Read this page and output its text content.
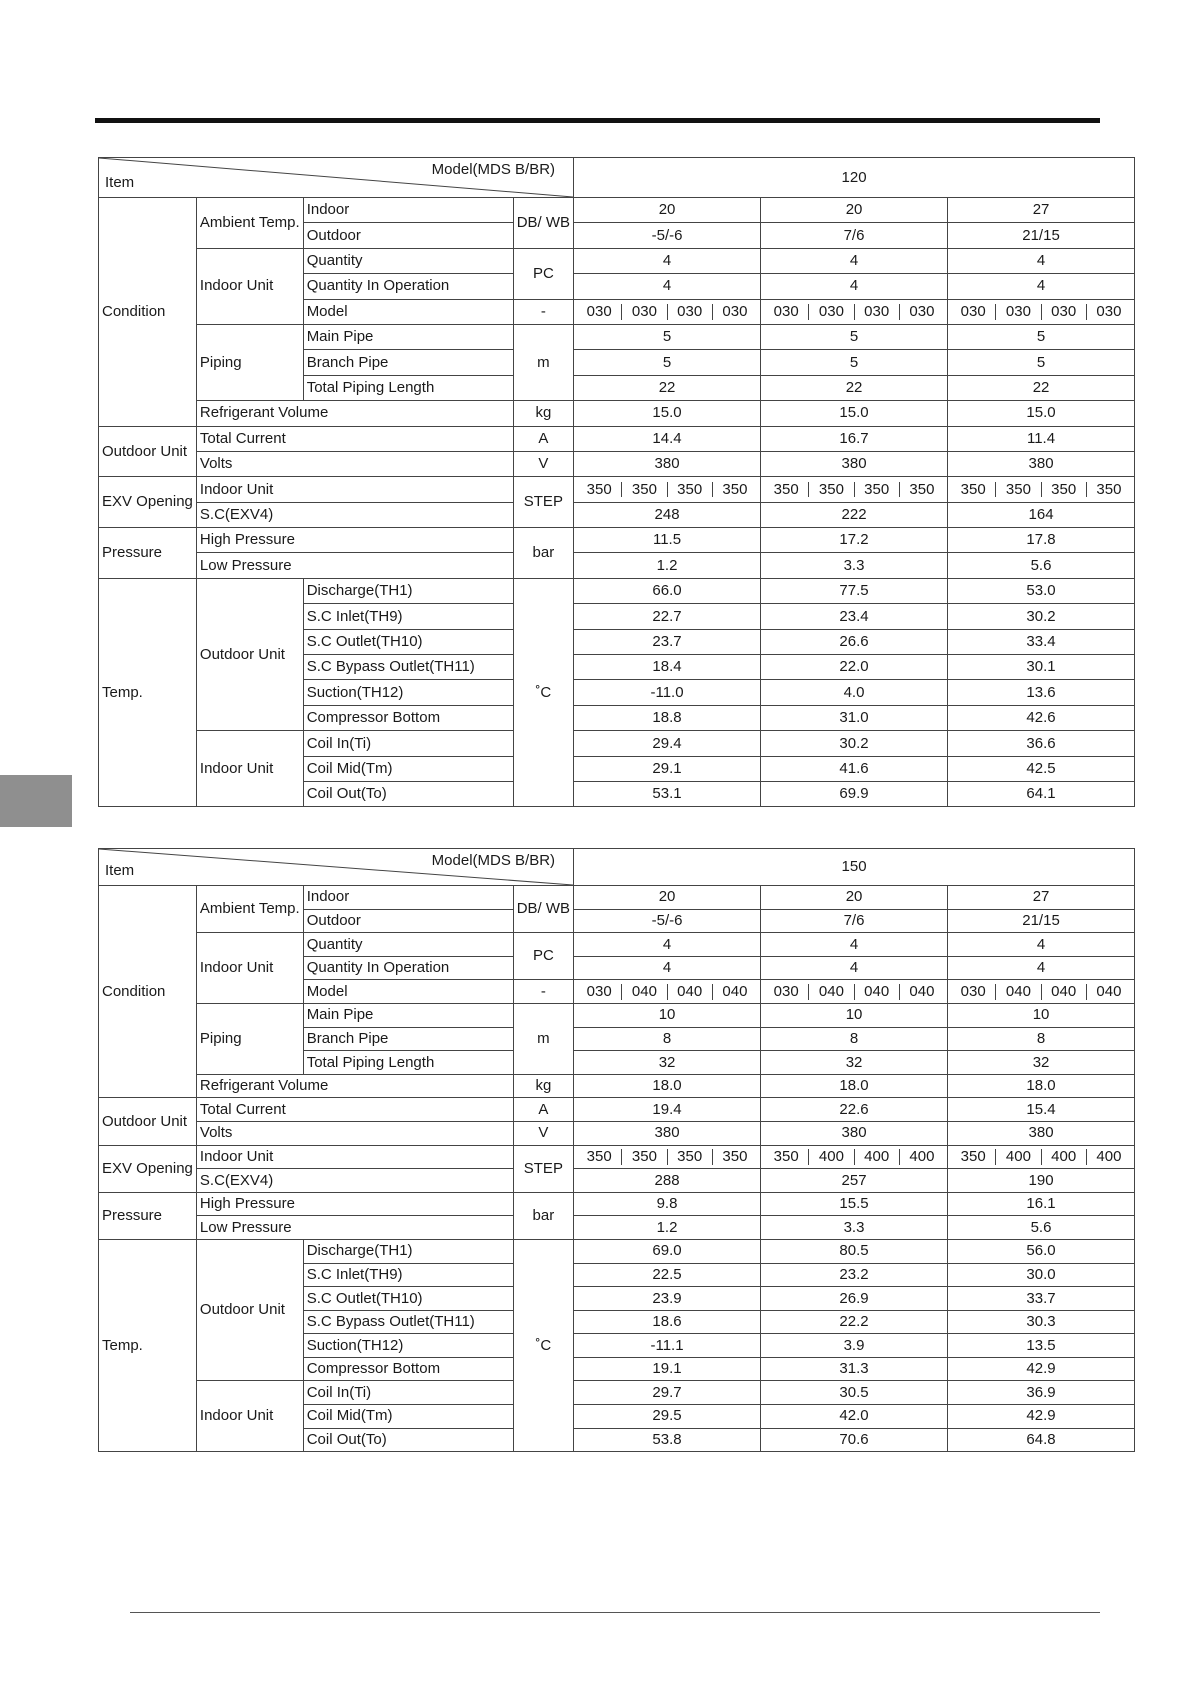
Model(MDS B/BR)
Item				120		
Condition	Ambient Temp.	Indoor	DB/ WB	20	20	27
		Outdoor		-5/-6	7/6	21/15
	Indoor Unit	Quantity	PC	4	4	4
		Quantity In Operation		4	4	4
		Model	-	030 030 030 030	030 030 030 030	030 030 030 030

	Piping	Main Pipe	m	5	5	5
		Branch Pipe		5	5	5
		Total Piping Length		22	22	22
	Refrigerant Volume		kg	15.0	15.0	15.0
Outdoor Unit	Total Current		A	14.4	16.7	11.4
	Volts		V	380	380	380
EXV Opening	Indoor Unit		STEP	350 350 350 350	350 350 350 350	350 350 350 350

	S.C(EXV4)			248	222	164
Pressure	High Pressure		bar	11.5	17.2	17.8
	Low Pressure			1.2	3.3	5.6
Temp.	Outdoor Unit	Discharge(TH1)	˚C	66.0	77.5	53.0
		S.C Inlet(TH9)		22.7	23.4	30.2
		S.C Outlet(TH10)		23.7	26.6	33.4
		S.C Bypass Outlet(TH11)		18.4	22.0	30.1
		Suction(TH12)		-11.0	4.0	13.6
		Compressor Bottom		18.8	31.0	42.6
	Indoor Unit	Coil In(Ti)		29.4	30.2	36.6
		Coil Mid(Tm)		29.1	41.6	42.5
		Coil Out(To)		53.1	69.9	64.1
Model(MDS B/BR)
Item				150		
Condition	Ambient Temp.	Indoor	DB/ WB	20	20	27
		Outdoor		-5/-6	7/6	21/15
	Indoor Unit	Quantity	PC	4	4	4
		Quantity In Operation		4	4	4
		Model	-	030 040 040 040	030 040 040 040	030 040 040 040

	Piping	Main Pipe	m	10	10	10
		Branch Pipe		8	8	8
		Total Piping Length		32	32	32
	Refrigerant Volume		kg	18.0	18.0	18.0
Outdoor Unit	Total Current		A	19.4	22.6	15.4
	Volts		V	380	380	380
EXV Opening	Indoor Unit		STEP	350 350 350 350	350 400 400 400	350 400 400 400

	S.C(EXV4)			288	257	190
Pressure	High Pressure		bar	9.8	15.5	16.1
	Low Pressure			1.2	3.3	5.6
Temp.	Outdoor Unit	Discharge(TH1)	˚C	69.0	80.5	56.0
		S.C Inlet(TH9)		22.5	23.2	30.0
		S.C Outlet(TH10)		23.9	26.9	33.7
		S.C Bypass Outlet(TH11)		18.6	22.2	30.3
		Suction(TH12)		-11.1	3.9	13.5
		Compressor Bottom		19.1	31.3	42.9
	Indoor Unit	Coil In(Ti)		29.7	30.5	36.9
		Coil Mid(Tm)		29.5	42.0	42.9
		Coil Out(To)		53.8	70.6	64.8
